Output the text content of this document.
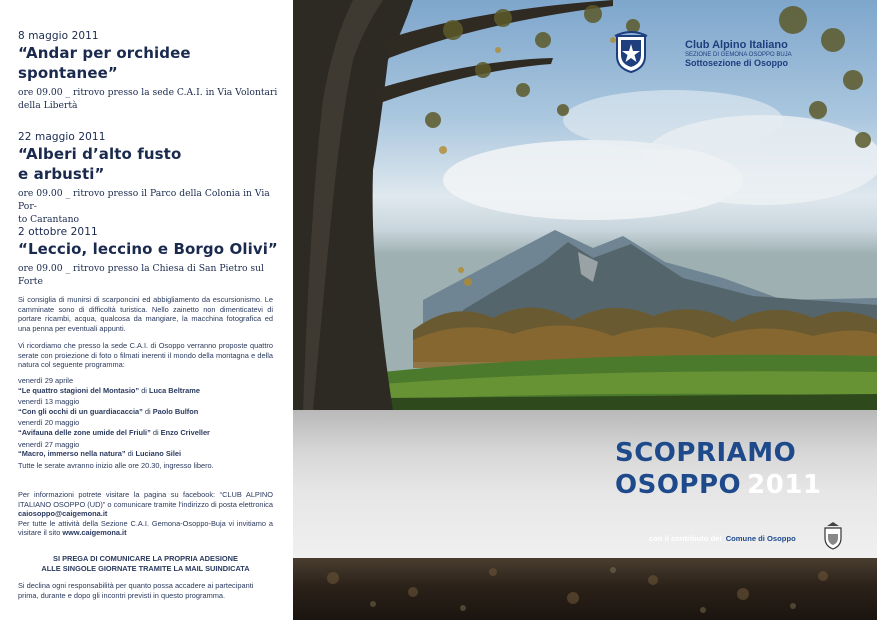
8 maggio 2011
“Andar per orchidee
spontanee”
ore 09.00 _ ritrovo presso la sede C.A.I. in Via Volontari
della Libertà
22 maggio 2011
“Alberi d’alto fusto
e arbusti”
ore 09.00 _ ritrovo presso il Parco della Colonia in Via Por-
to Carantano
2 ottobre 2011
“Leccio, leccino e Borgo Olivi”
ore 09.00 _ ritrovo presso la Chiesa di San Pietro sul Forte
Si consiglia di munirsi di scarponcini ed abbigliamento da escursionismo. Le camminate sono di difficoltà turistica. Nello zainetto non dimenticatevi di portare ricambi, acqua, qualcosa da mangiare, la macchina fotografica ed una penna per eventuali appunti.
Vi ricordiamo che presso la sede C.A.I. di Osoppo verranno proposte quattro serate con proiezione di foto o filmati inerenti il mondo della montagna e della natura col seguente programma:
venerdì 29 aprile
“Le quattro stagioni del Montasio” di Luca Beltrame
venerdì 13 maggio
“Con gli occhi di un guardiacaccia” di Paolo Bulfon
venerdì 20 maggio
“Avifauna delle zone umide del Friuli” di Enzo Criveller
venerdì 27 maggio
“Macro, immerso nella natura” di Luciano Silei
Tutte le serate avranno inizio alle ore 20.30, ingresso libero.
Per informazioni potrete visitare la pagina su facebook: “CLUB ALPINO ITALIANO OSOPPO (UD)” o comunicare tramite l’indirizzo di posta elettronica caiosoppo@caigemona.it
Per tutte le attività della Sezione C.A.I. Gemona-Osoppo-Buja vi invitiamo a visitare il sito www.caigemona.it
SI PREGA DI COMUNICARE LA PROPRIA ADESIONE
ALLE SINGOLE GIORNATE TRAMITE LA MAIL SUINDICATA
Si declina ogni responsabilità per quanto possa accadere ai partecipanti prima, durante e dopo gli incontri previsti in questo programma.
Club Alpino Italiano
SEZIONE DI GEMONA OSOPPO BUJA
Sottosezione di Osoppo
SCOPRIAMO
OSOPPO 2011
con il contributo del Comune di Osoppo
